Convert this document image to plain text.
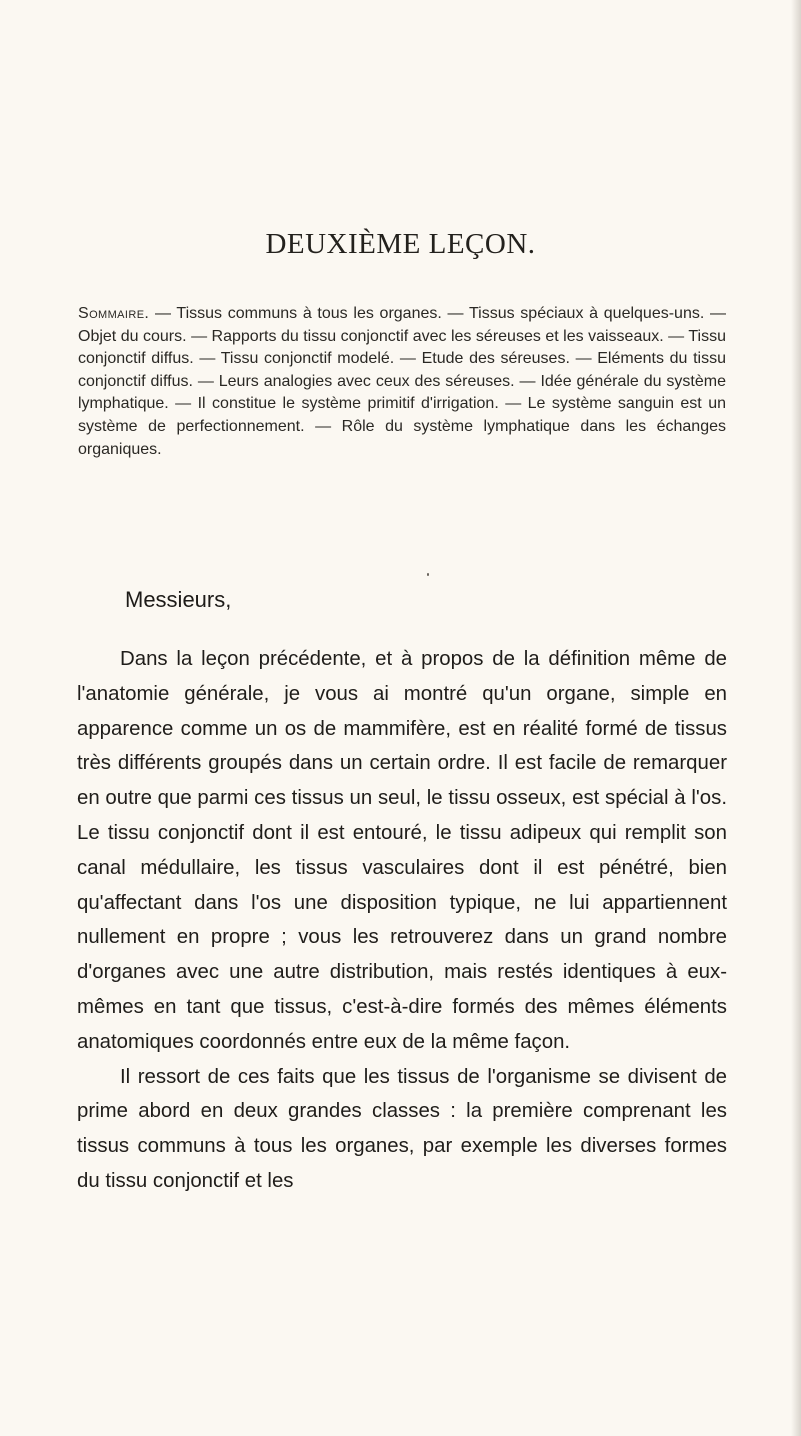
DEUXIÈME LEÇON.
Sommaire. — Tissus communs à tous les organes. — Tissus spéciaux à quelques-uns. — Objet du cours. — Rapports du tissu conjonctif avec les séreuses et les vaisseaux. — Tissu conjonctif diffus. — Tissu conjonctif modelé. — Etude des séreuses. — Eléments du tissu conjonctif diffus. — Leurs analogies avec ceux des séreuses. — Idée générale du système lymphatique. — Il constitue le système primitif d'irrigation. — Le système sanguin est un système de perfectionnement. — Rôle du système lymphatique dans les échanges organiques.
Messieurs,

Dans la leçon précédente, et à propos de la définition même de l'anatomie générale, je vous ai montré qu'un organe, simple en apparence comme un os de mammifère, est en réalité formé de tissus très différents groupés dans un certain ordre. Il est facile de remarquer en outre que parmi ces tissus un seul, le tissu osseux, est spécial à l'os. Le tissu conjonctif dont il est entouré, le tissu adipeux qui remplit son canal médullaire, les tissus vasculaires dont il est pénétré, bien qu'affectant dans l'os une disposition typique, ne lui appartiennent nullement en propre ; vous les retrouverez dans un grand nombre d'organes avec une autre distribution, mais restés identiques à eux-mêmes en tant que tissus, c'est-à-dire formés des mêmes éléments anatomiques coordonnés entre eux de la même façon.

Il ressort de ces faits que les tissus de l'organisme se divisent de prime abord en deux grandes classes : la première comprenant les tissus communs à tous les organes, par exemple les diverses formes du tissu conjonctif et les
